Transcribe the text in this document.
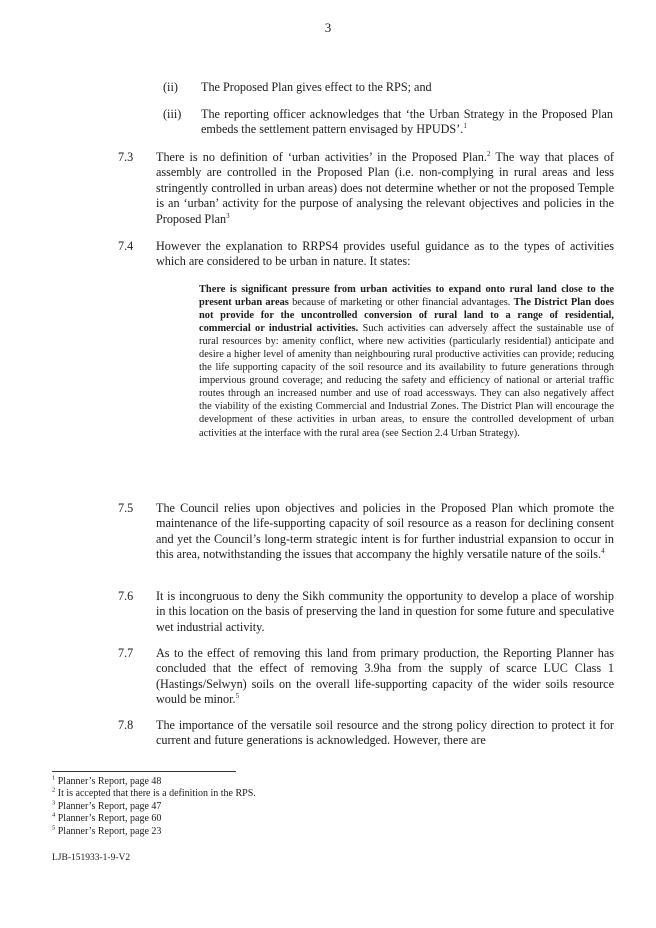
3
(ii) The Proposed Plan gives effect to the RPS; and
(iii) The reporting officer acknowledges that ‘the Urban Strategy in the Proposed Plan embeds the settlement pattern envisaged by HPUDS’.$^1$
7.3 There is no definition of ‘urban activities’ in the Proposed Plan.$^2$ The way that places of assembly are controlled in the Proposed Plan (i.e. non-complying in rural areas and less stringently controlled in urban areas) does not determine whether or not the proposed Temple is an ‘urban’ activity for the purpose of analysing the relevant objectives and policies in the Proposed Plan$^3$
7.4 However the explanation to RRPS4 provides useful guidance as to the types of activities which are considered to be urban in nature. It states:
There is significant pressure from urban activities to expand onto rural land close to the present urban areas because of marketing or other financial advantages. The District Plan does not provide for the uncontrolled conversion of rural land to a range of residential, commercial or industrial activities. Such activities can adversely affect the sustainable use of rural resources by: amenity conflict, where new activities (particularly residential) anticipate and desire a higher level of amenity than neighbouring rural productive activities can provide; reducing the life supporting capacity of the soil resource and its availability to future generations through impervious ground coverage; and reducing the safety and efficiency of national or arterial traffic routes through an increased number and use of road accessways. They can also negatively affect the viability of the existing Commercial and Industrial Zones. The District Plan will encourage the development of these activities in urban areas, to ensure the controlled development of urban activities at the interface with the rural area (see Section 2.4 Urban Strategy).
7.5 The Council relies upon objectives and policies in the Proposed Plan which promote the maintenance of the life-supporting capacity of soil resource as a reason for declining consent and yet the Council’s long-term strategic intent is for further industrial expansion to occur in this area, notwithstanding the issues that accompany the highly versatile nature of the soils.$^4$
7.6 It is incongruous to deny the Sikh community the opportunity to develop a place of worship in this location on the basis of preserving the land in question for some future and speculative wet industrial activity.
7.7 As to the effect of removing this land from primary production, the Reporting Planner has concluded that the effect of removing 3.9ha from the supply of scarce LUC Class 1 (Hastings/Selwyn) soils on the overall life-supporting capacity of the wider soils resource would be minor.$^5$
7.8 The importance of the versatile soil resource and the strong policy direction to protect it for current and future generations is acknowledged. However, there are
$^1$ Planner’s Report, page 48
$^2$ It is accepted that there is a definition in the RPS.
$^3$ Planner’s Report, page 47
$^4$ Planner’s Report, page 60
$^5$ Planner’s Report, page 23
LJB-151933-1-9-V2
